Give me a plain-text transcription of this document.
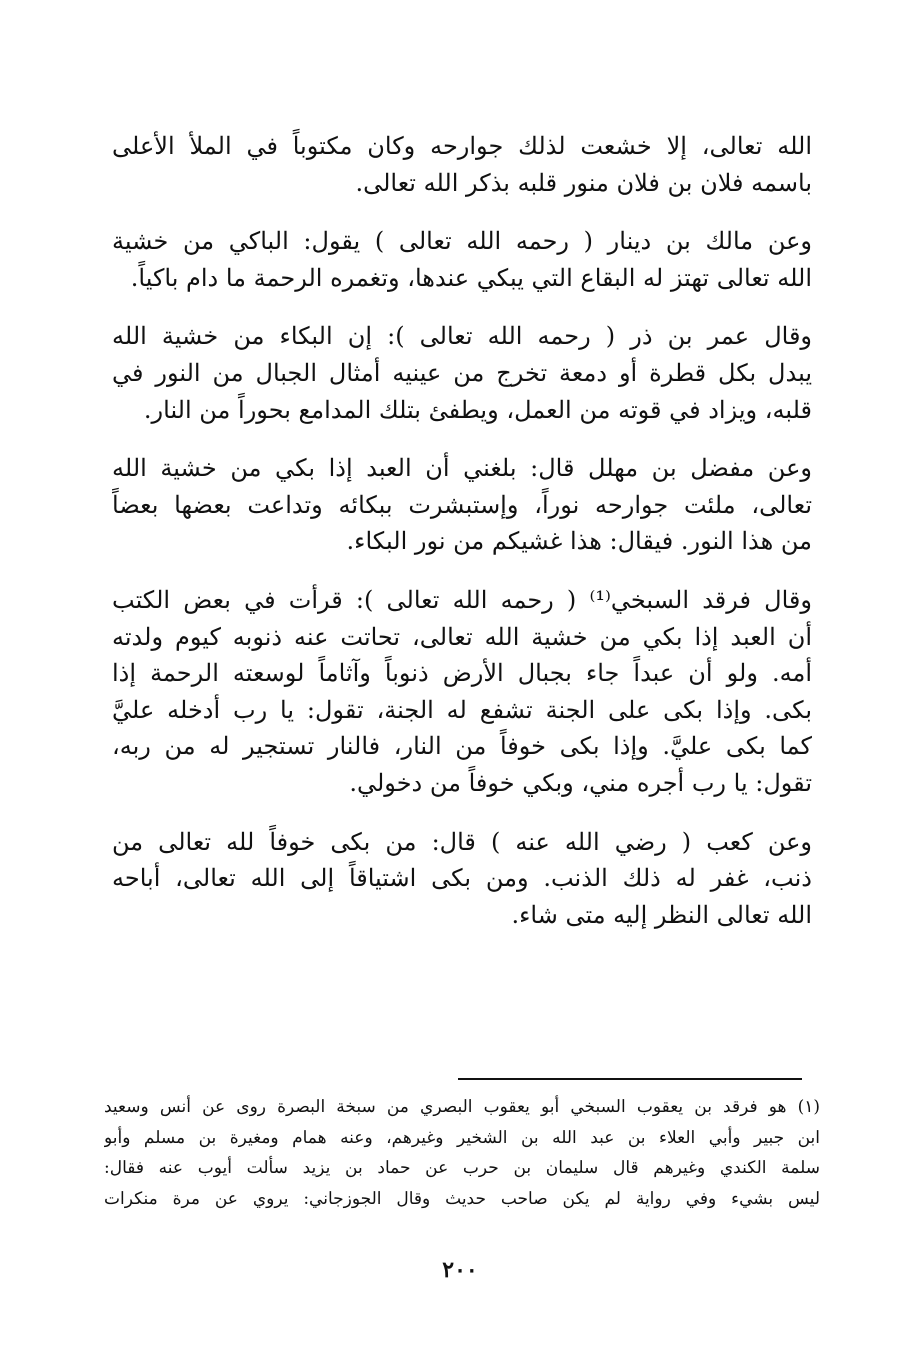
الله تعالى، إلا خشعت لذلك جوارحه وكان مكتوباً في الملأ الأعلى
باسمه فلان بن فلان منور قلبه بذكر الله تعالى.

وعن مالك بن دينار ( رحمه الله تعالى ) يقول: الباكي من خشية
الله تعالى تهتز له البقاع التي يبكي عندها، وتغمره الرحمة ما دام باكياً.

وقال عمر بن ذر ( رحمه الله تعالى ): إن البكاء من خشية الله
يبدل بكل قطرة أو دمعة تخرج من عينيه أمثال الجبال من النور في
قلبه، ويزاد في قوته من العمل، ويطفئ بتلك المدامع بحوراً من النار.

وعن مفضل بن مهلل قال: بلغني أن العبد إذا بكي من خشية الله
تعالى، ملئت جوارحه نوراً، وإستبشرت ببكائه وتداعت بعضها بعضاً
من هذا النور. فيقال: هذا غشيكم من نور البكاء.

وقال فرقد السبخي⁽¹⁾ ( رحمه الله تعالى ): قرأت في بعض الكتب
أن العبد إذا بكي من خشية الله تعالى، تحاتت عنه ذنوبه كيوم ولدته
أمه. ولو أن عبداً جاء بجبال الأرض ذنوباً وآثاماً لوسعته الرحمة إذا
بكى. وإذا بكى على الجنة تشفع له الجنة، تقول: يا رب أدخله عليَّ
كما بكى عليَّ. وإذا بكى خوفاً من النار، فالنار تستجير له من ربه،
تقول: يا رب أجره مني، وبكي خوفاً من دخولي.

وعن كعب ( رضي الله عنه ) قال: من بكى خوفاً لله تعالى من
ذنب، غفر له ذلك الذنب. ومن بكى اشتياقاً إلى الله تعالى، أباحه
الله تعالى النظر إليه متى شاء.

(١) هو فرقد بن يعقوب السبخي أبو يعقوب البصري من سبخة البصرة روى عن أنس وسعيد
ابن جبير وأبي العلاء بن عبد الله بن الشخير وغيرهم، وعنه همام ومغيرة بن مسلم وأبو
سلمة الكندي وغيرهم قال سليمان بن حرب عن حماد بن يزيد سألت أيوب عنه فقال:
ليس بشيء وفي رواية لم يكن صاحب حديث وقال الجوزجاني: يروي عن مرة منكرات
٢٠٠
